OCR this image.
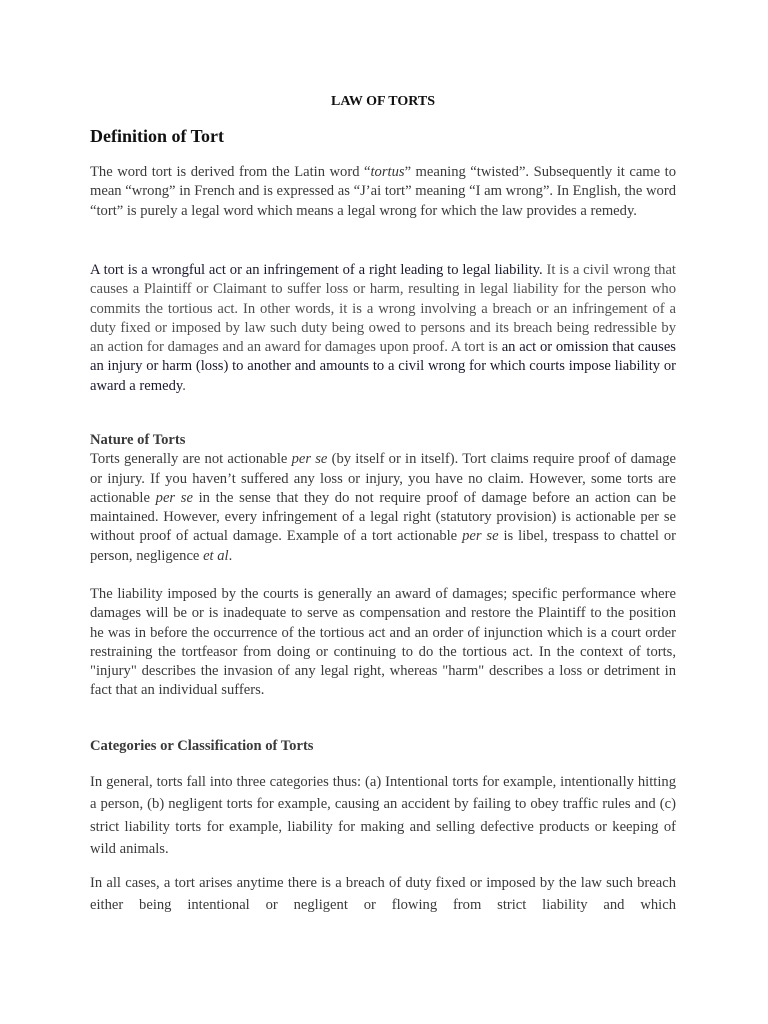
LAW OF TORTS
Definition of Tort

The word tort is derived from the Latin word “tortus” meaning “twisted”. Subsequently it came to mean “wrong” in French and is expressed as “J’ai tort” meaning “I am wrong”. In English, the word “tort” is purely a legal word which means a legal wrong for which the law provides a remedy.

A tort is a wrongful act or an infringement of a right leading to legal liability. It is a civil wrong that causes a Plaintiff or Claimant to suffer loss or harm, resulting in legal liability for the person who commits the tortious act. In other words, it is a wrong involving a breach or an infringement of a duty fixed or imposed by law such duty being owed to persons and its breach being redressible by an action for damages and an award for damages upon proof. A tort is an act or omission that causes an injury or harm (loss) to another and amounts to a civil wrong for which courts impose liability or award a remedy.

Nature of Torts

Torts generally are not actionable per se (by itself or in itself). Tort claims require proof of damage or injury. If you haven’t suffered any loss or injury, you have no claim. However, some torts are actionable per se in the sense that they do not require proof of damage before an action can be maintained. However, every infringement of a legal right (statutory provision) is actionable per se without proof of actual damage. Example of a tort actionable per se is libel, trespass to chattel or person, negligence et al.

The liability imposed by the courts is generally an award of damages; specific performance where damages will be or is inadequate to serve as compensation and restore the Plaintiff to the position he was in before the occurrence of the tortious act and an order of injunction which is a court order restraining the tortfeasor from doing or continuing to do the tortious act. In the context of torts, "injury" describes the invasion of any legal right, whereas "harm" describes a loss or detriment in fact that an individual suffers.

Categories or Classification of Torts

In general, torts fall into three categories thus: (a) Intentional torts for example, intentionally hitting a person, (b) negligent torts for example, causing an accident by failing to obey traffic rules and (c) strict liability torts for example, liability for making and selling defective products or keeping of wild animals.

In all cases, a tort arises anytime there is a breach of duty fixed or imposed by the law such breach either being intentional or negligent or flowing from strict liability and which
